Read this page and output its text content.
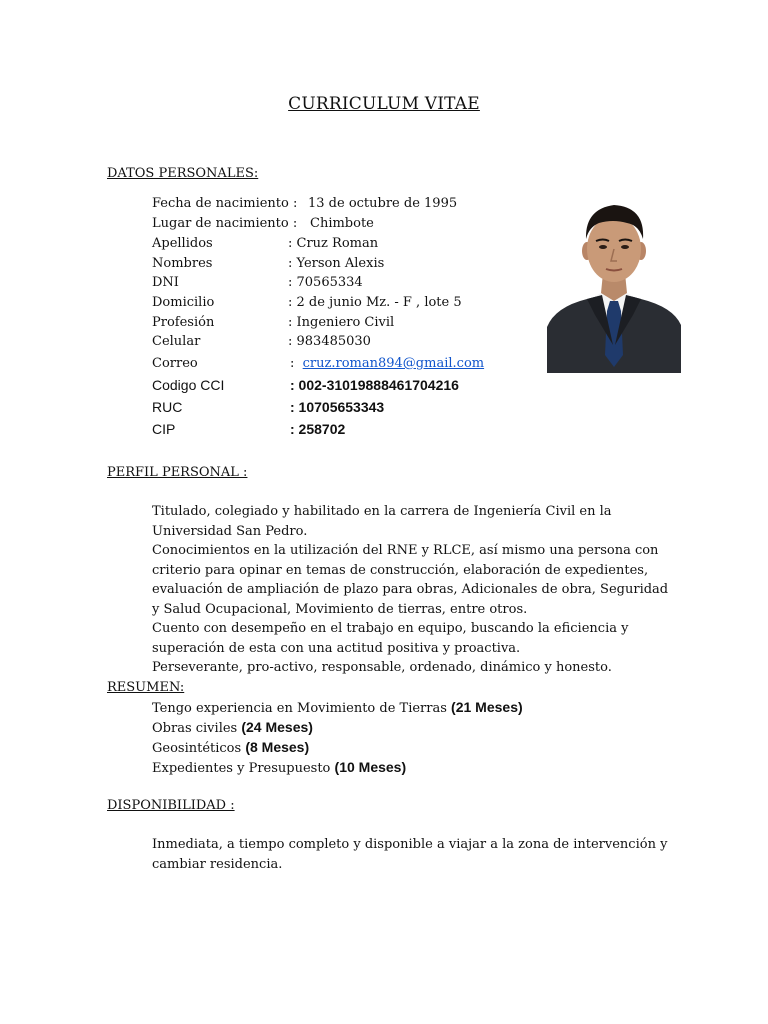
CURRICULUM VITAE
DATOS PERSONALES:
Fecha de nacimiento : 13 de octubre de 1995
Lugar de nacimiento : Chimbote
Apellidos	: Cruz Roman
Nombres	: Yerson Alexis
DNI	: 70565334
Domicilio	: 2 de junio Mz. - F , lote 5
Profesión	: Ingeniero Civil
Celular	: 983485030
Correo	:  cruz.roman894@gmail.com
Codigo CCI	: 002-31019888461704216
RUC	: 10705653343
CIP	: 258702
PERFIL PERSONAL :
Titulado, colegiado y habilitado en la carrera de Ingeniería Civil en la
Universidad San Pedro.
Conocimientos en la utilización del RNE y RLCE, así mismo una persona con
criterio para opinar en temas de construcción, elaboración de expedientes,
evaluación de ampliación de plazo para obras, Adicionales de obra, Seguridad
y Salud Ocupacional, Movimiento de tierras, entre otros.
Cuento con desempeño en el trabajo en equipo, buscando la eficiencia y
superación de esta con una actitud positiva y proactiva.
Perseverante, pro-activo, responsable, ordenado, dinámico y honesto.
RESUMEN:
Tengo experiencia en Movimiento de Tierras (21 Meses)
Obras civiles (24 Meses)
Geosintéticos (8 Meses)
Expedientes y Presupuesto (10 Meses)
DISPONIBILIDAD :
Inmediata, a tiempo completo y disponible a viajar a la zona de intervención y
cambiar residencia.
